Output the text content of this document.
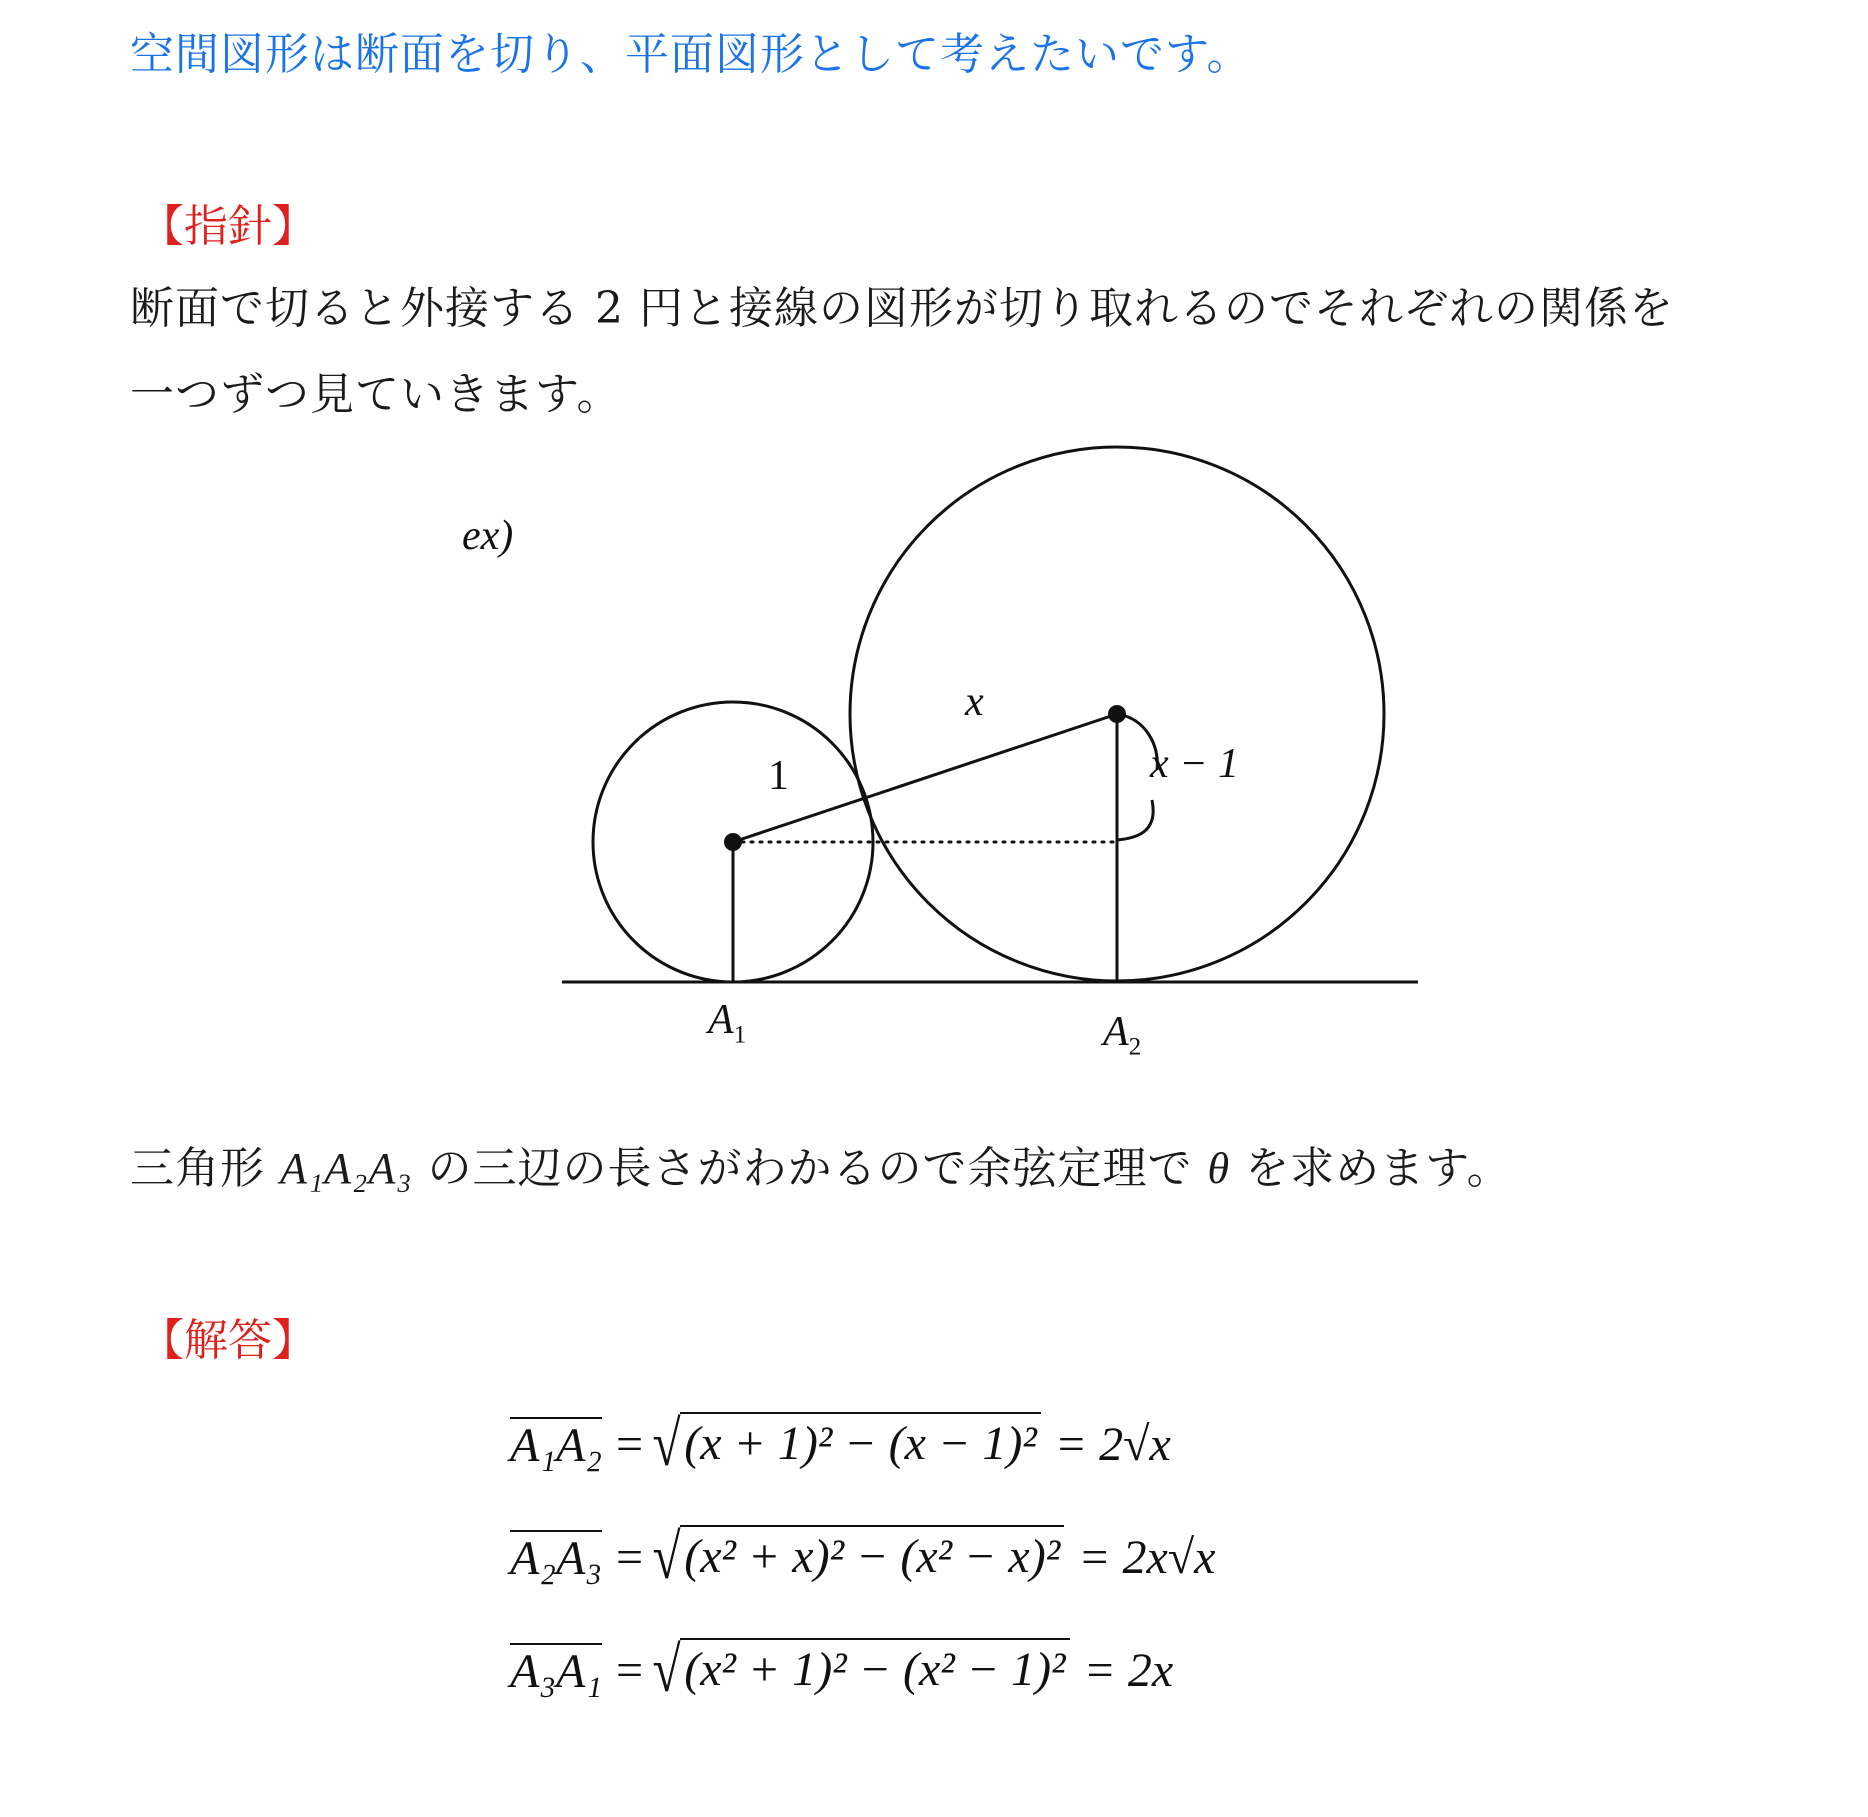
空間図形は断面を切り、平面図形として考えたいです。
【指針】
断面で切ると外接する 2 円と接線の図形が切り取れるのでそれぞれの関係を
一つずつ見ていきます。
ex)
x
1	x − 1
$A_1$	$A_2$
三角形 A₁A₂A₃ の三辺の長さがわかるので余弦定理で θ を求めます。
【解答】
A₁A₂ = √ (x + 1)² − (x − 1)² = 2√x
A₂A₃ = √ (x² + x)² − (x² − x)² = 2x√x
A₃A₁ = √ (x² + 1)² − (x² − 1)² = 2x
